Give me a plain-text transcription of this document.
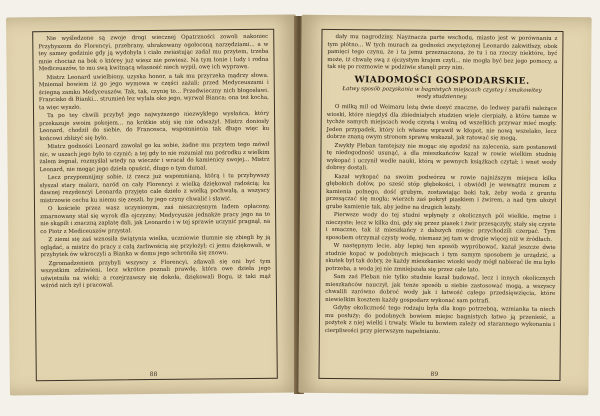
Nie wyśledzone są zwoje drogi wiecznej Opatrzności zowoli nakoniec Przybyszom do Florencyi, przebrany, ubrakowany ogołoconą narzędziami... a w tey samey godzinie gdy ją wydobyła i ciało zwiastując zadał mu przytem, trzeba mnie chociaż na bok o którey już wiesz nie powiesz. Na tym łonie i ludy i rodna Mediceuszów, to mu swą kwitnącą własność niech wypił, owę ich wyprawę.

Mistrz Leonard uwielbiony, uzyska honor, a tak mu przyrzeka mądrzy słowa. Mniemał bowiem iż go jego wymowa w części zażali; przed Medyceuszami i ściegną zamku Medyceuszów. Tak, tak, czynię to... Przedwieczny nich błogosławi. Francisko di Bianki... strumień łez wylała oko jego, wyrwał Bianca; ona też kocha, ta więc wyszło.

Ta po tey chwili przybył jego najwyższego niezwykłego wysłańca, który przekazuje swoim pokojem... na krótkie stój się nie odważył. Mistrz doniosły Leonard, chodził do siebie, do Francesca, wspomnienia tak długo więc ku końcowi zbliżyć się było.

Mistrz godności Leonard zawołał go ku sobie, żadne mu przytem tego mówił nic, w uszach jego było to czynić; a tej gdy to nie rozumiał mu pośrodku z wielkim żalem żegnał, rozmyślał wtedy na wieczór i wracał do kamienicy swojej... Mistrz Leonard, nie mogąc jego dzieła opuścić, długo o tym dumał.

Lecz przypomnijmy sobie, iż rzecz już wspomnianą, którą i tu przybywszy słyszał stary malarz, naród on cały Florencyi z wielką dziękował radością; ku dawnej rezydencyi Leonarda przyjęto całe dzieło z wielką pochwałą, a wszyscy mistrzowie cechu ku niemu się zeszli, by jego czyny chwalić i sławić.

O kościele przez wasz uczynionym, zaś nieszczęsnym ładem opłacony, zmarnowany stał się wyrok dla ojczyzny; Medycyusze jednakże pracy jego na to nie skąpili i znaczną zapłatę dali, jak Leonardo i w tej sprawie uczynić pragnął, na co Piotr z Mediceuszów przystał.

Z ziemi się zaś wznosiła świątynia wielka, uczniowie tłumnie się zbiegli by ją oglądać, a mistrz do pracy z całą żarliwością się przyłożył; ci jemu dziękowali, w przybytek ów wkroczyli a Bianka w domu jego schroniła się znowu.

Zgromadzeniem przybyli wszyscy z Florencyi, zdawali się oni być tym wszystkim zdziwieni, lecz wkrótce poznali prawdę, która owe dzieła jego uświetniła na wieki; a rozejrzawszy się dokoła, dziękowali Bogu, iż taki mąż wśród nich żył i pracował.

88

dały mu nagrodziny. Nayznacza parte wschodu, miasto jest w porównaniu z tym płótno... W tych murach za godności zwyciężonej Leonardo zakwitłszy, obok pamięci tego czynu, że i ta jemu przeznaczona, że tu i na rzeczy niektóre, być może, iż chwałę swą z ojczystym krajem czyli... nie mogła być bez jego pomocy, a tak się po rozmowie w podziwie stanęli przy nim.

WIADOMOŚCI GOSPODARSKIE.
Łatwy sposób pozyskania w bagnistych miejscach czystey i smakowitey wody studzienney.

O milką mil od Weimaru leżą dwie dosyć znaczne, do ledwey parafii należące wioski, które niegdyś dla zbiedniałych studzien wiele cierpiały, a które tamże w tychże samych miejscach wodę czystą i wolną od wszelkich przywar mieć mogły. Jeden przypadek, który ich własne wprawił w kłopot, nie nową wszelako, lecz dobrze znaną owym stronom sprawą wskazał, jak ratować się mogą.

Zwykły Pleban tamtejszy nie mogąc się zgodzić na zalecenia, sam postanowił tę niedogodność usunąć, a dla mieszkańców kazał w rowie wielkim studnię wykopać i uczynił wedle nauki, którą w pewnych książkach czytał; i wnet wody dobrey dostali.

Kazał wykopać na swoim podwórzu w rowie najniższym miejscu kilka głębokich dołów, po sześć stóp głębokości, i obwiódł je wewnątrz murem z kamienia polnego, dość grubym, zostawiając boki tak, żeby woda z gruntu przesączać się mogła; wierzch zaś pokrył piaskiem i żwirem, a nad tym ułożył grube kamienie tak, aby jedne na drugich leżały.

Pierwsze wody do tej studni wpłynęły z okolicznych pól wielkie, mętne i nieczyste; lecz w kilka dni, gdy się przez piasek i żwir przesączyły, stały się czyste i smaczne, tak iż mieszkańcy z dalszych miejsc przychodzili czerpać. Tym sposobem otrzymał czysty wodę, niemasz jej tam w drogie więcej niż w źródłach.

W następnym lecie, aby lepiej ten sposób wypróbować, kazał jeszcze dwie studnie kopać w podobnych miejscach i tym samym sposobem je urządzić, a skutek był tak dobry, że każdy mieszkaniec wioski wody mógł nabierać ile mu było potrzeba, a woda jej nie zmniejszała się przez całe lato.

Sam zaś Pleban nie tylko studnie kazał budować, lecz i innych okolicznych mieszkańców nauczył, jak tenże sposób u siebie zastosować mogą, a wszyscy chwalili zarówno dobroć wody jak i łatwość całego przedsięwzięcia, które niewielkim kosztem każdy gospodarz wykonać sam potrafi.

Gdyby okoliczność tego rodzaju była dla kogo potrzebną, wzmianka ta niech mu posłuży; do podobnych bowiem miejsc bagnistych łatwo ją przenieść, a pożytek z niej wielki i trwały. Wiele tu bowiem zależy od starannego wykonania i cierpliwości przy pierwszym napełnianiu.

89
